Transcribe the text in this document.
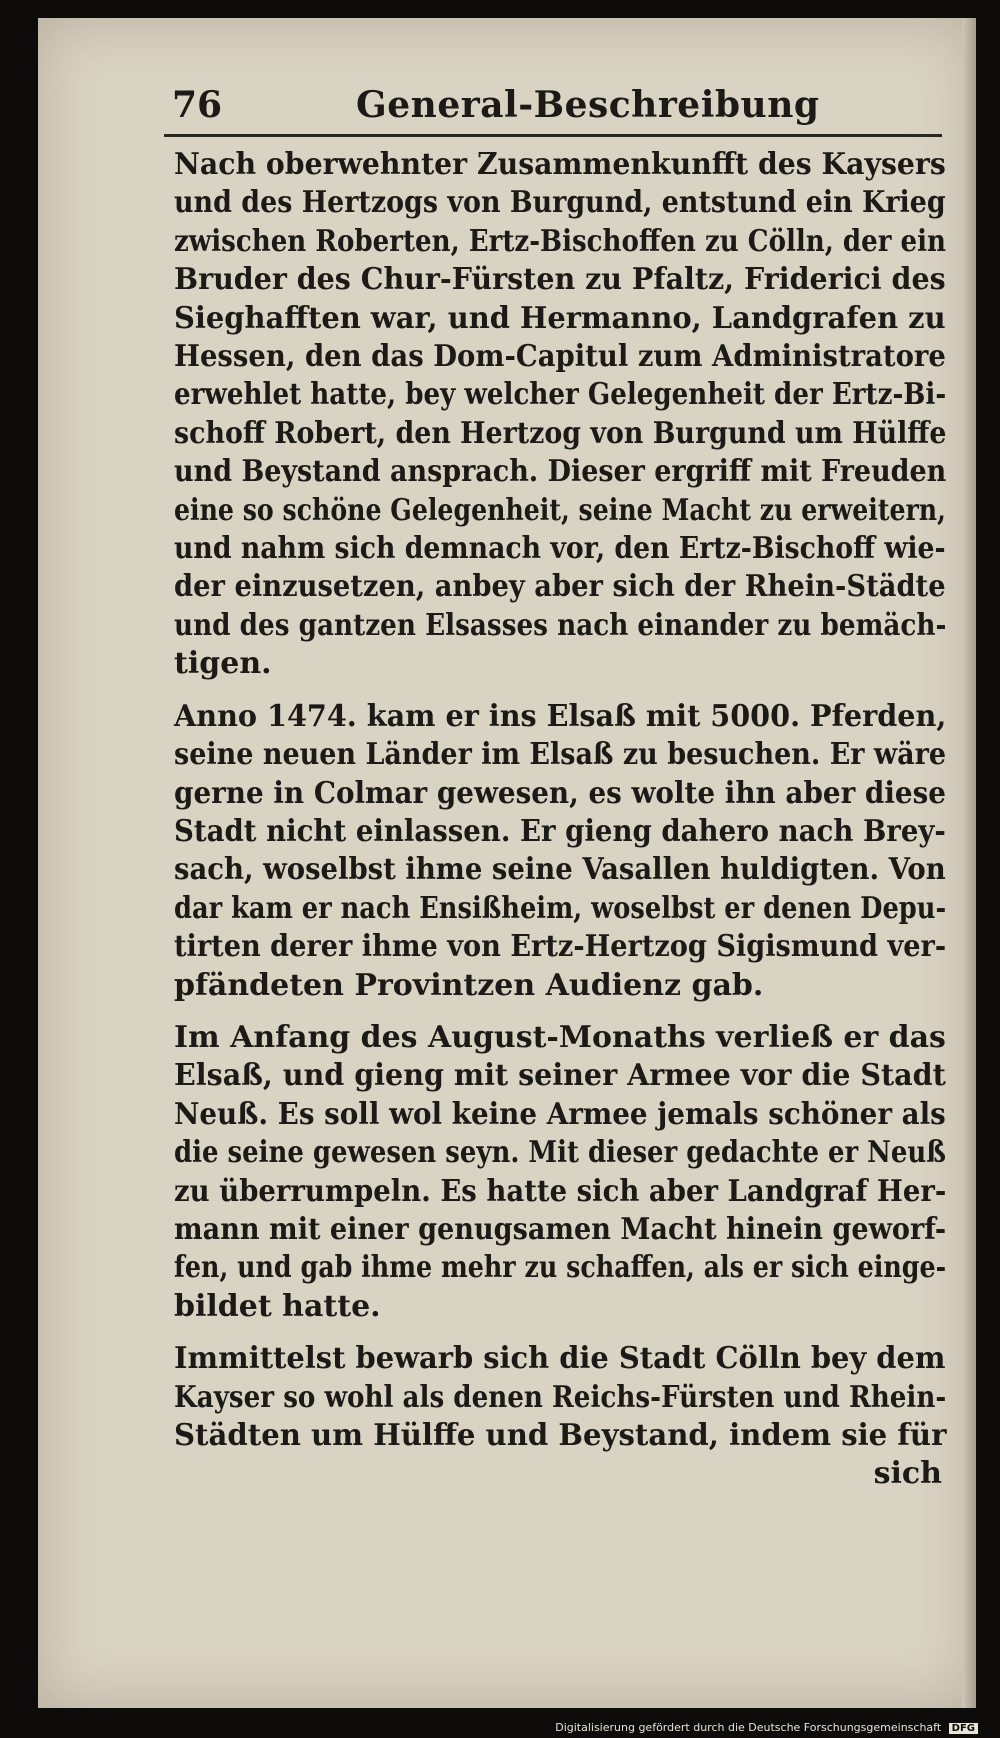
76	General-Beschreibung

Nach oberwehnter Zusammenkunfft des Kaysers
und des Hertzogs von Burgund, entstund ein Krieg
zwischen Roberten, Ertz-Bischoffen zu Cölln, der ein
Bruder des Chur-Fürsten zu Pfaltz, Friderici des
Sieghafften war, und Hermanno, Landgrafen zu
Hessen, den das Dom-Capitul zum Administratore
erwehlet hatte, bey welcher Gelegenheit der Ertz-Bi-
schoff Robert, den Hertzog von Burgund um Hülffe
und Beystand ansprach. Dieser ergriff mit Freuden
eine so schöne Gelegenheit, seine Macht zu erweitern,
und nahm sich demnach vor, den Ertz-Bischoff wie-
der einzusetzen, anbey aber sich der Rhein-Städte
und des gantzen Elsasses nach einander zu bemäch-
tigen.

Anno 1474. kam er ins Elsaß mit 5000. Pferden,
seine neuen Länder im Elsaß zu besuchen. Er wäre
gerne in Colmar gewesen, es wolte ihn aber diese
Stadt nicht einlassen. Er gieng dahero nach Brey-
sach, woselbst ihme seine Vasallen huldigten. Von
dar kam er nach Ensißheim, woselbst er denen Depu-
tirten derer ihme von Ertz-Hertzog Sigismund ver-
pfändeten Provintzen Audienz gab.

Im Anfang des August-Monaths verließ er das
Elsaß, und gieng mit seiner Armee vor die Stadt
Neuß. Es soll wol keine Armee jemals schöner als
die seine gewesen seyn. Mit dieser gedachte er Neuß
zu überrumpeln. Es hatte sich aber Landgraf Her-
mann mit einer genugsamen Macht hinein geworf-
fen, und gab ihme mehr zu schaffen, als er sich einge-
bildet hatte.

Immittelst bewarb sich die Stadt Cölln bey dem
Kayser so wohl als denen Reichs-Fürsten und Rhein-
Städten um Hülffe und Beystand, indem sie für
sich

Digitalisierung gefördert durch die Deutsche Forschungsgemeinschaft DFG
